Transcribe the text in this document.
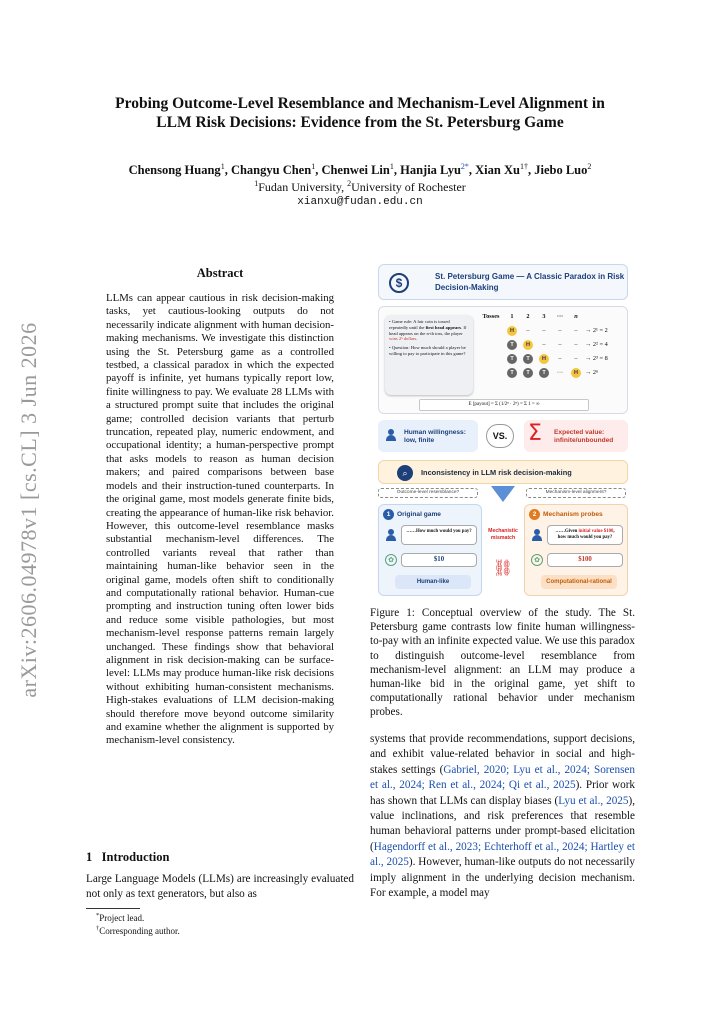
arXiv:2606.04978v1 [cs.CL] 3 Jun 2026
Probing Outcome-Level Resemblance and Mechanism-Level Alignment in
LLM Risk Decisions: Evidence from the St. Petersburg Game
Chensong Huang$^1$, Changyu Chen$^1$, Chenwei Lin$^1$, Hanjia Lyu$^{2*}$, Xian $Xu^{1\dagger}$, Jiebo Luo$^2$
$^1$Fudan University, $^2$University of Rochester
xianxu@fudan.edu.cn
Abstract
LLMs can appear cautious in risk decision-making tasks, yet cautious-looking outputs do not necessarily indicate alignment with human decision-making mechanisms. We investigate this distinction using the St. Petersburg game as a controlled testbed, a classical paradox in which the expected payoff is infinite, yet humans typically report low, finite willingness to pay. We evaluate 28 LLMs with a structured prompt suite that includes the original game; controlled decision variants that perturb truncation, repeated play, numeric endowment, and occupational identity; a human-perspective prompt that asks models to reason as human decision makers; and paired comparisons between base models and their instruction-tuned counterparts. In the original game, most models generate finite bids, creating the appearance of human-like risk behavior. However, this outcome-level resemblance masks substantial mechanism-level differences. The controlled variants reveal that rather than maintaining human-like behavior seen in the original game, models often shift to conditionally and computationally rational behavior. Human-cue prompting and instruction tuning often lower bids and reduce some visible pathologies, but most mechanism-level response patterns remain largely unchanged. These findings show that behavioral alignment in risk decision-making can be surface-level: LLMs may produce human-like risk decisions without exhibiting human-consistent mechanisms. High-stakes evaluations of LLM decision-making should therefore move beyond outcome similarity and examine whether the alignment is supported by mechanism-level consistency.
1 Introduction
Large Language Models (LLMs) are increasingly evaluated not only as text generators, but also as
*Project lead.
†Corresponding author.
$	St. Petersburg Game — A Classic Paradox in Risk Decision-Making
• Game rule: A fair coin is tossed repeatedly until the first head appears. If head appears on the n-th toss, the player wins 2ⁿ dollars.
• Question: How much should a player be willing to pay to participate in this game?
Tosses	1	2	3	···	n
H	–	–	–	–	→ 2¹ = 2
T	H	–	–	–	→ 2² = 4
T	T	H	–	–	→ 2³ = 8
T	T	T	···	H	→ 2ⁿ
E [payout] = Σ (1/2ⁿ · 2ⁿ) = Σ 1 = ∞
Human willingness: low, finite	VS. Σ Expected value: infinite/unbounded
⌕	Inconsistency in LLM risk decision-making
Outcome-level resemblance?	Mechanism-level alignment?
1	Original game
……How much would you pay?
✿	$10
Human-like
Mechanistic mismatch
⛓
2	Mechanism probes
……Given initial value $100, how much would you pay?
✿	$100
Computational-rational
Figure 1: Conceptual overview of the study. The St. Petersburg game contrasts low finite human willingness-to-pay with an infinite expected value. We use this paradox to distinguish outcome-level resemblance from mechanism-level alignment: an LLM may produce a human-like bid in the original game, yet shift to computationally rational behavior under mechanism probes.
systems that provide recommendations, support decisions, and exhibit value-related behavior in social and high-stakes settings (Gabriel, 2020; Lyu et al., 2024; Sorensen et al., 2024; Ren et al., 2024; Qi et al., 2025). Prior work has shown that LLMs can display biases (Lyu et al., 2025), value inclinations, and risk preferences that resemble human behavioral patterns under prompt-based elicitation (Hagendorff et al., 2023; Echterhoff et al., 2024; Hartley et al., 2025). However, human-like outputs do not necessarily imply alignment in the underlying decision mechanism. For example, a model may
